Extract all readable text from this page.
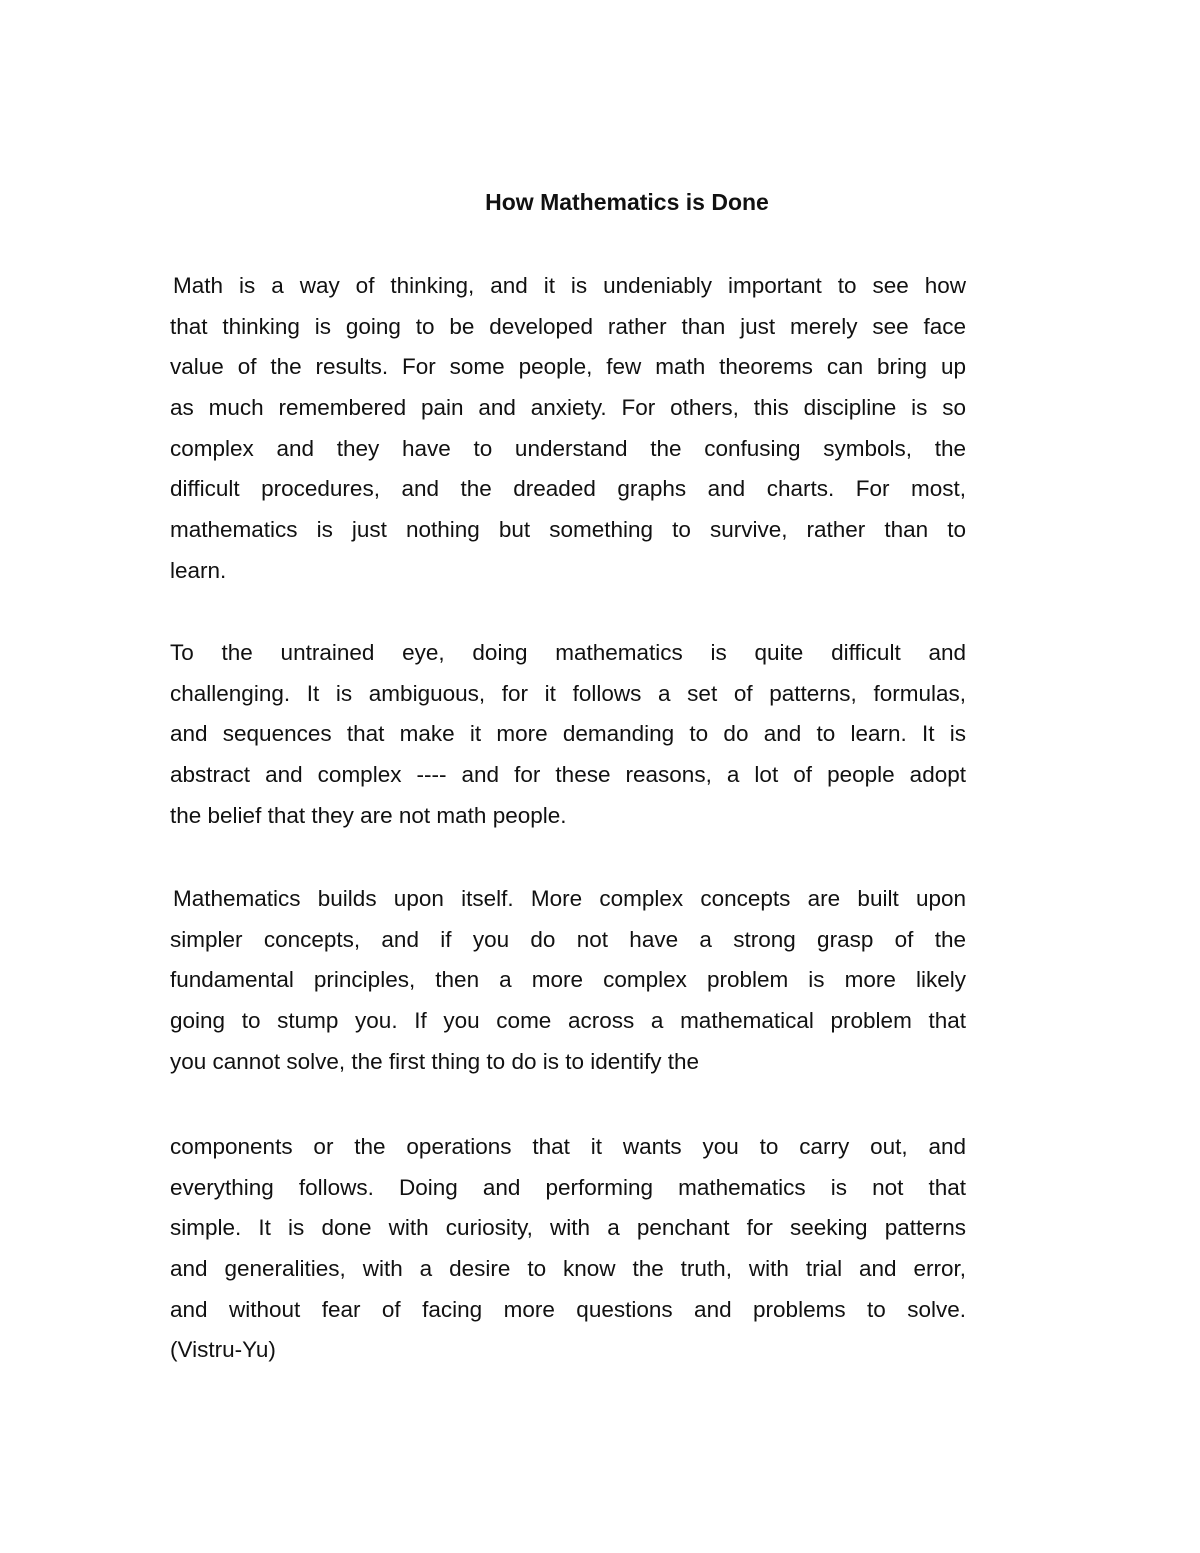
How Mathematics is Done
Math is a way of thinking, and it is undeniably important to see how
that thinking is going to be developed rather than just merely see face
value of the results. For some people, few math theorems can bring up
as much remembered pain and anxiety. For others, this discipline is so
complex and they have to understand the confusing symbols, the
difficult procedures, and the dreaded graphs and charts. For most,
mathematics is just nothing but something to survive, rather than to
learn.
To the untrained eye, doing mathematics is quite difficult and
challenging. It is ambiguous, for it follows a set of patterns, formulas,
and sequences that make it more demanding to do and to learn. It is
abstract and complex ---- and for these reasons, a lot of people adopt
the belief that they are not math people.
Mathematics builds upon itself. More complex concepts are built upon
simpler concepts, and if you do not have a strong grasp of the
fundamental principles, then a more complex problem is more likely
going to stump you. If you come across a mathematical problem that
you cannot solve, the first thing to do is to identify the
components or the operations that it wants you to carry out, and
everything follows. Doing and performing mathematics is not that
simple. It is done with curiosity, with a penchant for seeking patterns
and generalities, with a desire to know the truth, with trial and error,
and without fear of facing more questions and problems to solve.
(Vistru-Yu)
